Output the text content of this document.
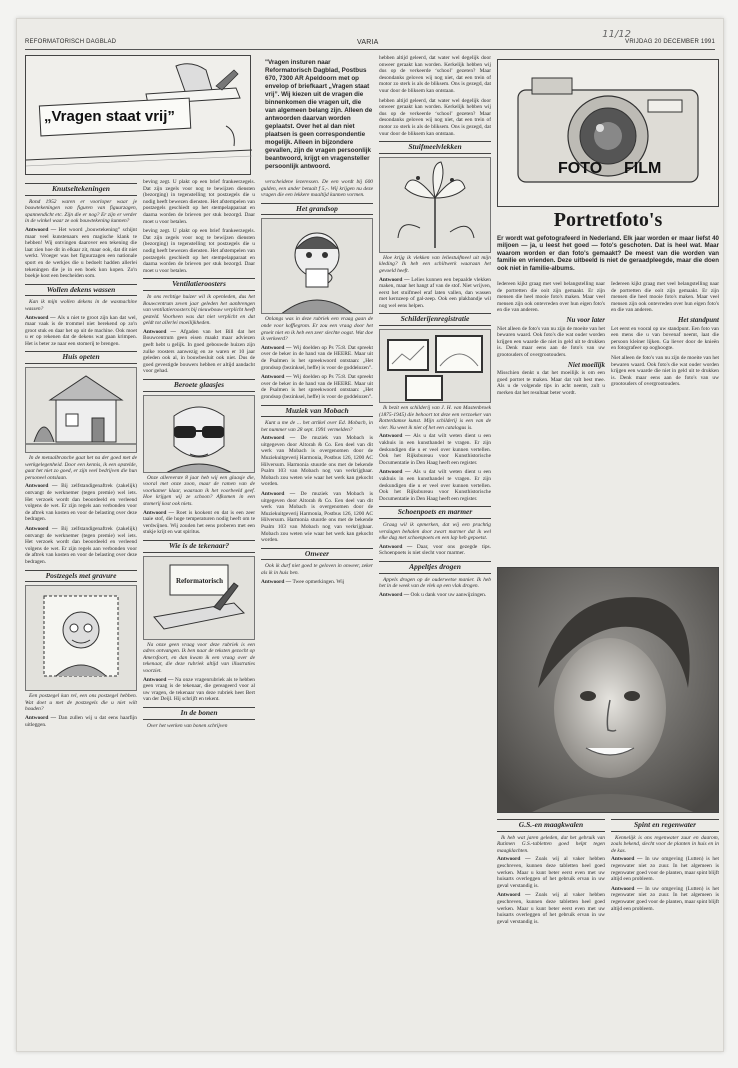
REFORMATORISCH DAGBLAD	VARIA	VRIJDAG 20 DECEMBER 1991
11/12
„Vragen staat vrij”
"Vragen insturen naar Reformatorisch Dagblad, Postbus 670, 7300 AR Apeldoorn met op envelop of briefkaart „Vragen staat vrij”. Wij kiezen uit de vragen die binnenkomen die vragen uit, die van algemeen belang zijn. Alleen de antwoorden daarvan worden geplaatst. Over het al dan niet plaatsen is geen correspondentie mogelijk. Alleen in bijzondere gevallen, zijn de vragen persoonlijk beantwoord, krijgt en vragensteller persoonlijk antwoord.
Knutseltekeningen

Rond 1952 waren er voorloper waar je bouwtekeningen van figuren van figuurzagen, spannendicht etc. Zijn die er nog? Er zijn er verder in de winkel waar ze ook bouwtekening kunnen?

Antwoord — Het woord „bouwtekening” schijnt maar veel kunstenaars een magische klank te hebben! Wij ontvingen daarover een tekening die laat zien hoe dit in elkaar zit, maar ook, dat dit niet werkt. Vroeger was het figuurzagen een nationale sport en de werkjes die u bedoelt hadden allerlei tekeningen die je in een boek kon kopen. Zo'n boekje kost een bescheiden som.

Wollen dekens wassen

Kan ik mijn wollen dekens in de wasmachine wassen?

Antwoord — Als u niet te groot zijn kan dat wel, maar vaak is de trommel niet berekend op zo'n groot stuk en daar het op uit de machine. Ook moet u er op rekenen dat de dekens wat gaan krimpen. Het is beter ze naar een stomerij te brengen.

Huis opeten

In de metaalbranche gaat het na der goed met de werkgelegenheid. Door een kennis, ik een opstelde, gaat het niet zo goed, er zijn veel bedrijven die hun personeel ontslaan.

Antwoord — Bij zelfstandigenaftrek (zakelijk) ontvangt de werknemer (tegen premie) wel iets. Het verzoek wordt dan beoordeeld en verleend volgens de wet. Er zijn regels aan verbonden voor de aftrek van kosten en voor de belasting over deze bedragen.

Antwoord — Bij zelfstandigenaftrek (zakelijk) ontvangt de werknemer (tegen premie) wel iets. Het verzoek wordt dan beoordeeld en verleend volgens de wet. Er zijn regels aan verbonden voor de aftrek van kosten en voor de belasting over deze bedragen.

Postzegels met gravure

Een postzegel kan rel, een ons postzegel hebben. Wat doet u met de postzegels die u niet wilt houden?

Antwoord — Dan zullen wij u dat eens haarfijn uitleggen.

beving zegt. U plakt op een brief frankeerzegels. Dat zijn zegels voor nog te bewijzen diensten (bezorging) in tegenstelling tot postzegels die u nodig heeft bewezen diensten. Het afstempelen van postzegels geschiedt op het stempelapparaat en daarna worden de brieven per stuk bezorgd. Daar moet u voor betalen.

beving zegt. U plakt op een brief frankeerzegels. Dat zijn zegels voor nog te bewijzen diensten (bezorging) in tegenstelling tot postzegels die u nodig heeft bewezen diensten. Het afstempelen van postzegels geschiedt op het stempelapparaat en daarna worden de brieven per stuk bezorgd. Daar moet u voor betalen.

Ventilatieroosters

In ons rechtige huizer wil ik openleden, dus het Bouwcentrum zeven jaar geleden het aanbrengen van ventilatieroosters bij nieuwbouw verplicht heeft gesteld. Voorheen was dat niet verplicht en dat geldt tot allerlei moeilijkheden.

Antwoord — Afgaden van het Bill dat het Bouwcentrum geen eisen maakt maar adviezen geeft hebt u gelijk. In goed gebouwde huizen zijn zulke roosters aanwezig en ze waren er 10 jaar geleden ook al, in bouwbesluit ook niet. Dus de goed gevestigde bouwers hebben er altijd aandacht voor gehad.

Beroete glaasjes

Onze allereerste 8 jaar heb wij een glaasje die, vooral met onze zoon, maar de ramen van de voorkamer klaar, waaraan ik het voorbeeld geef. Hoe krijgen wij ze schoon? Afkomen in een stomerij kost ook niets.

Antwoord — Roet is kookent en dat is een zeer taaie stof, die hoge temperaturen nodig heeft om te verdwijnen. Wij zouden het eens proberen met een stukje krijt en wat spiritus.

Wie is de tekenaar?
Reformatorisch

Na onze geen vraag voor deze rubriek is een adres ontvangen. Ik ben naar de teksten gezocht op Amersfoort, en dan kwam ik een vraag over de tekenaar, die deze rubriek altijd van illustraties voorziet.

Antwoord — Na onze vragenrubriek als te hebben geen vraag is de tekenaar, die gereageerd voor al uw vragen, de tekenaar van deze rubriek heet Bert van der Deijl. Hij schrijft en tekent.

In de bonen

Over het werken van bonen schrijven

verscheidene lezeressen. De een wordt bij 600 gulden, een ander betaalt f 5,-. Wij krijgen nu deze vragen die een lekkere maaltijd kunnen vormen.

Het grandsop

Onlangs was in deze rubriek een vraag gaan de onde voor koffiegrom. Er zou een vraag door het groeit niet en ik heb een zeer slechte oogst. Wat doe ik verkeerd?

Antwoord — Wij doelden op Ps 75:8. Dat spreekt over de beker in de hand van de HEERE. Maar uit de Psalmen is het spreekwoord ontstaan: „Het grondsop (bezinksel, heffe) is voor de goddelozen”.

Antwoord — Wij doelden op Ps 75:8. Dat spreekt over de beker in de hand van de HEERE. Maar uit de Psalmen is het spreekwoord ontstaan: „Het grondsop (bezinksel, heffe) is voor de goddelozen”.

Muziek van Mobach

Kunt u me de ... het artikel over Ed. Mobach, in het nummer van 28 sept. 1991 vermelden?

Antwoord — De muziek van Mobach is uitgegeven door Altorah & Co. Een deel van dit werk van Mobach is overgenomen door de Muziekuitgeverij Harmonia, Postbus 126, 1200 AC Hilversum. Harmonia stuurde ons met de bekende Psalm 103 van Mobach nog van verkrijgbaar. Mobach zou weten wie waar het werk kan gekocht worden.

Antwoord — De muziek van Mobach is uitgegeven door Altorah & Co. Een deel van dit werk van Mobach is overgenomen door de Muziekuitgeverij Harmonia, Postbus 126, 1200 AC Hilversum. Harmonia stuurde ons met de bekende Psalm 103 van Mobach nog van verkrijgbaar. Mobach zou weten wie waar het werk kan gekocht worden.

Onweer

Ook ik durf niet goed te geloven in onweer, zeker als ik in huis ben.

Antwoord — Twee opmerkingen. Wij

hebben altijd geleerd, dat water wel degelijk door onweer geraakt kan worden. Kerkelijk hebben wij dus op de verkeerde ‘school’ gezeten? Maar desondanks geloven wij nog niet, dat een trein of motor zo sterk is als de bliksem. Ons is gezegd, dat vuur door de bliksem kan ontstaan.

hebben altijd geleerd, dat water wel degelijk door onweer geraakt kan worden. Kerkelijk hebben wij dus op de verkeerde ‘school’ gezeten? Maar desondanks geloven wij nog niet, dat een trein of motor zo sterk is als de bliksem. Ons is gezegd, dat vuur door de bliksem kan ontstaan.

Stuifmeelvlekken

Hoe krijg ik vlekken van leliestuifmeel uit mijn kleding? Ik heb een schiltwerk waaraan het gevoeld heeft.

Antwoord — Lelies kunnen een bepaalde vlekken maken, maar het hangt af van de stof. Niet wrijven, eerst het stuifmeel eraf laten vallen, dan wassen met kernzeep of gal-zeep. Ook een plakbandje wil nog wel eens helpen.

Schilderijenregistratie

Ik bezit een schilderij van J. H. van Mastenbroek (1875-1945) die behoort tot deze een verzoeker van Rotterdamse kunst. Mijn schilderij is een van de vier. Nu weet ik niet of het een catalogus is.

Antwoord — Als u dat wilt weten dient u een vakhuis in een kunsthandel te vragen. Er zijn deskundigen die u er veel over kunnen vertellen. Ook het Rijksbureau voor Kunsthistorische Documentatie in Den Haag heeft een register.

Antwoord — Als u dat wilt weten dient u een vakhuis in een kunsthandel te vragen. Er zijn deskundigen die u er veel over kunnen vertellen. Ook het Rijksbureau voor Kunsthistorische Documentatie in Den Haag heeft een register.

Schoenpoets en marmer

Graag wil ik opmerken, dat wij een prachtig verslagen behalen door zwart marmer dat ik wel elke dag met schoenpoets en een lap heb gepoetst.

Antwoord — Daar, voor ons gezegde tips. Schoenpoets is niet slecht voor marmer.

Appeltjes drogen

Appels drogen op de ouderwetse manier. Ik heb het in de week van de vlek op een vlak drogen.

Antwoord — Ook u dank voor uw aanwijzingen.

FOTO FILM
Portretfoto's
Er wordt wat gefotografeerd in Nederland. Elk jaar worden er maar liefst 40 miljoen — ja, u leest het goed — foto's geschoten. Dat is heel wat. Maar waarom worden er dan foto's gemaakt? De meest van die worden van familie en vrienden. Deze uitbeeld is niet de geraadpleegde, maar die doen ook niet in familie-albums.

Iedereen kijkt graag met veel belangstelling naar de portretten die ooit zijn gemaakt. Er zijn mensen die heel mooie foto's maken. Maar veel mensen zijn ook ontevreden over hun eigen foto's en die van anderen.

Nu voor later

Niet alleen de foto's van nu zijn de moeite van het bewaren waard. Ook foto's die wat ouder worden krijgen een waarde die niet in geld uit te drukken is. Denk maar eens aan de foto's van uw grootouders of overgrootouders.

Niet moeilijk

Misschien denkt u dat het moeilijk is om een goed portret te maken. Maar dat valt best mee. Als u de volgende tips in acht neemt, zult u merken dat het resultaat beter wordt.

Iedereen kijkt graag met veel belangstelling naar de portretten die ooit zijn gemaakt. Er zijn mensen die heel mooie foto's maken. Maar veel mensen zijn ook ontevreden over hun eigen foto's en die van anderen.

Het standpunt

Let eerst en vooral op uw standpunt. Een foto van een mens die u van bovenaf neemt, laat die persoon kleiner lijken. Ga liever door de knieën en fotografeer op ooghoogte.

Niet alleen de foto's van nu zijn de moeite van het bewaren waard. Ook foto's die wat ouder worden krijgen een waarde die niet in geld uit te drukken is. Denk maar eens aan de foto's van uw grootouders of overgrootouders.

G.S.-en maagkwalen

Ik heb wat jaren geleden, dat het gebruik van Rutimen G.S.-tabletten goed helpt tegen maagklachten.

Antwoord — Zoals wij al vaker hebben geschreven, kunnen deze tabletten heel goed werken. Maar u kunt beter eerst even met uw huisarts overleggen of het gebruik ervan in uw geval verstandig is.

Antwoord — Zoals wij al vaker hebben geschreven, kunnen deze tabletten heel goed werken. Maar u kunt beter eerst even met uw huisarts overleggen of het gebruik ervan in uw geval verstandig is.

Spint en regenwater

Kennelijk is ons regenwater zuur en daarom, zoals bekend, slecht voor de planten in huis en in de kas.

Antwoord — In uw omgeving (Lutten) is het regenwater niet zo zuur. In het algemeen is regenwater goed voor de planten, maar spint blijft altijd een probleem.

Antwoord — In uw omgeving (Lutten) is het regenwater niet zo zuur. In het algemeen is regenwater goed voor de planten, maar spint blijft altijd een probleem.
